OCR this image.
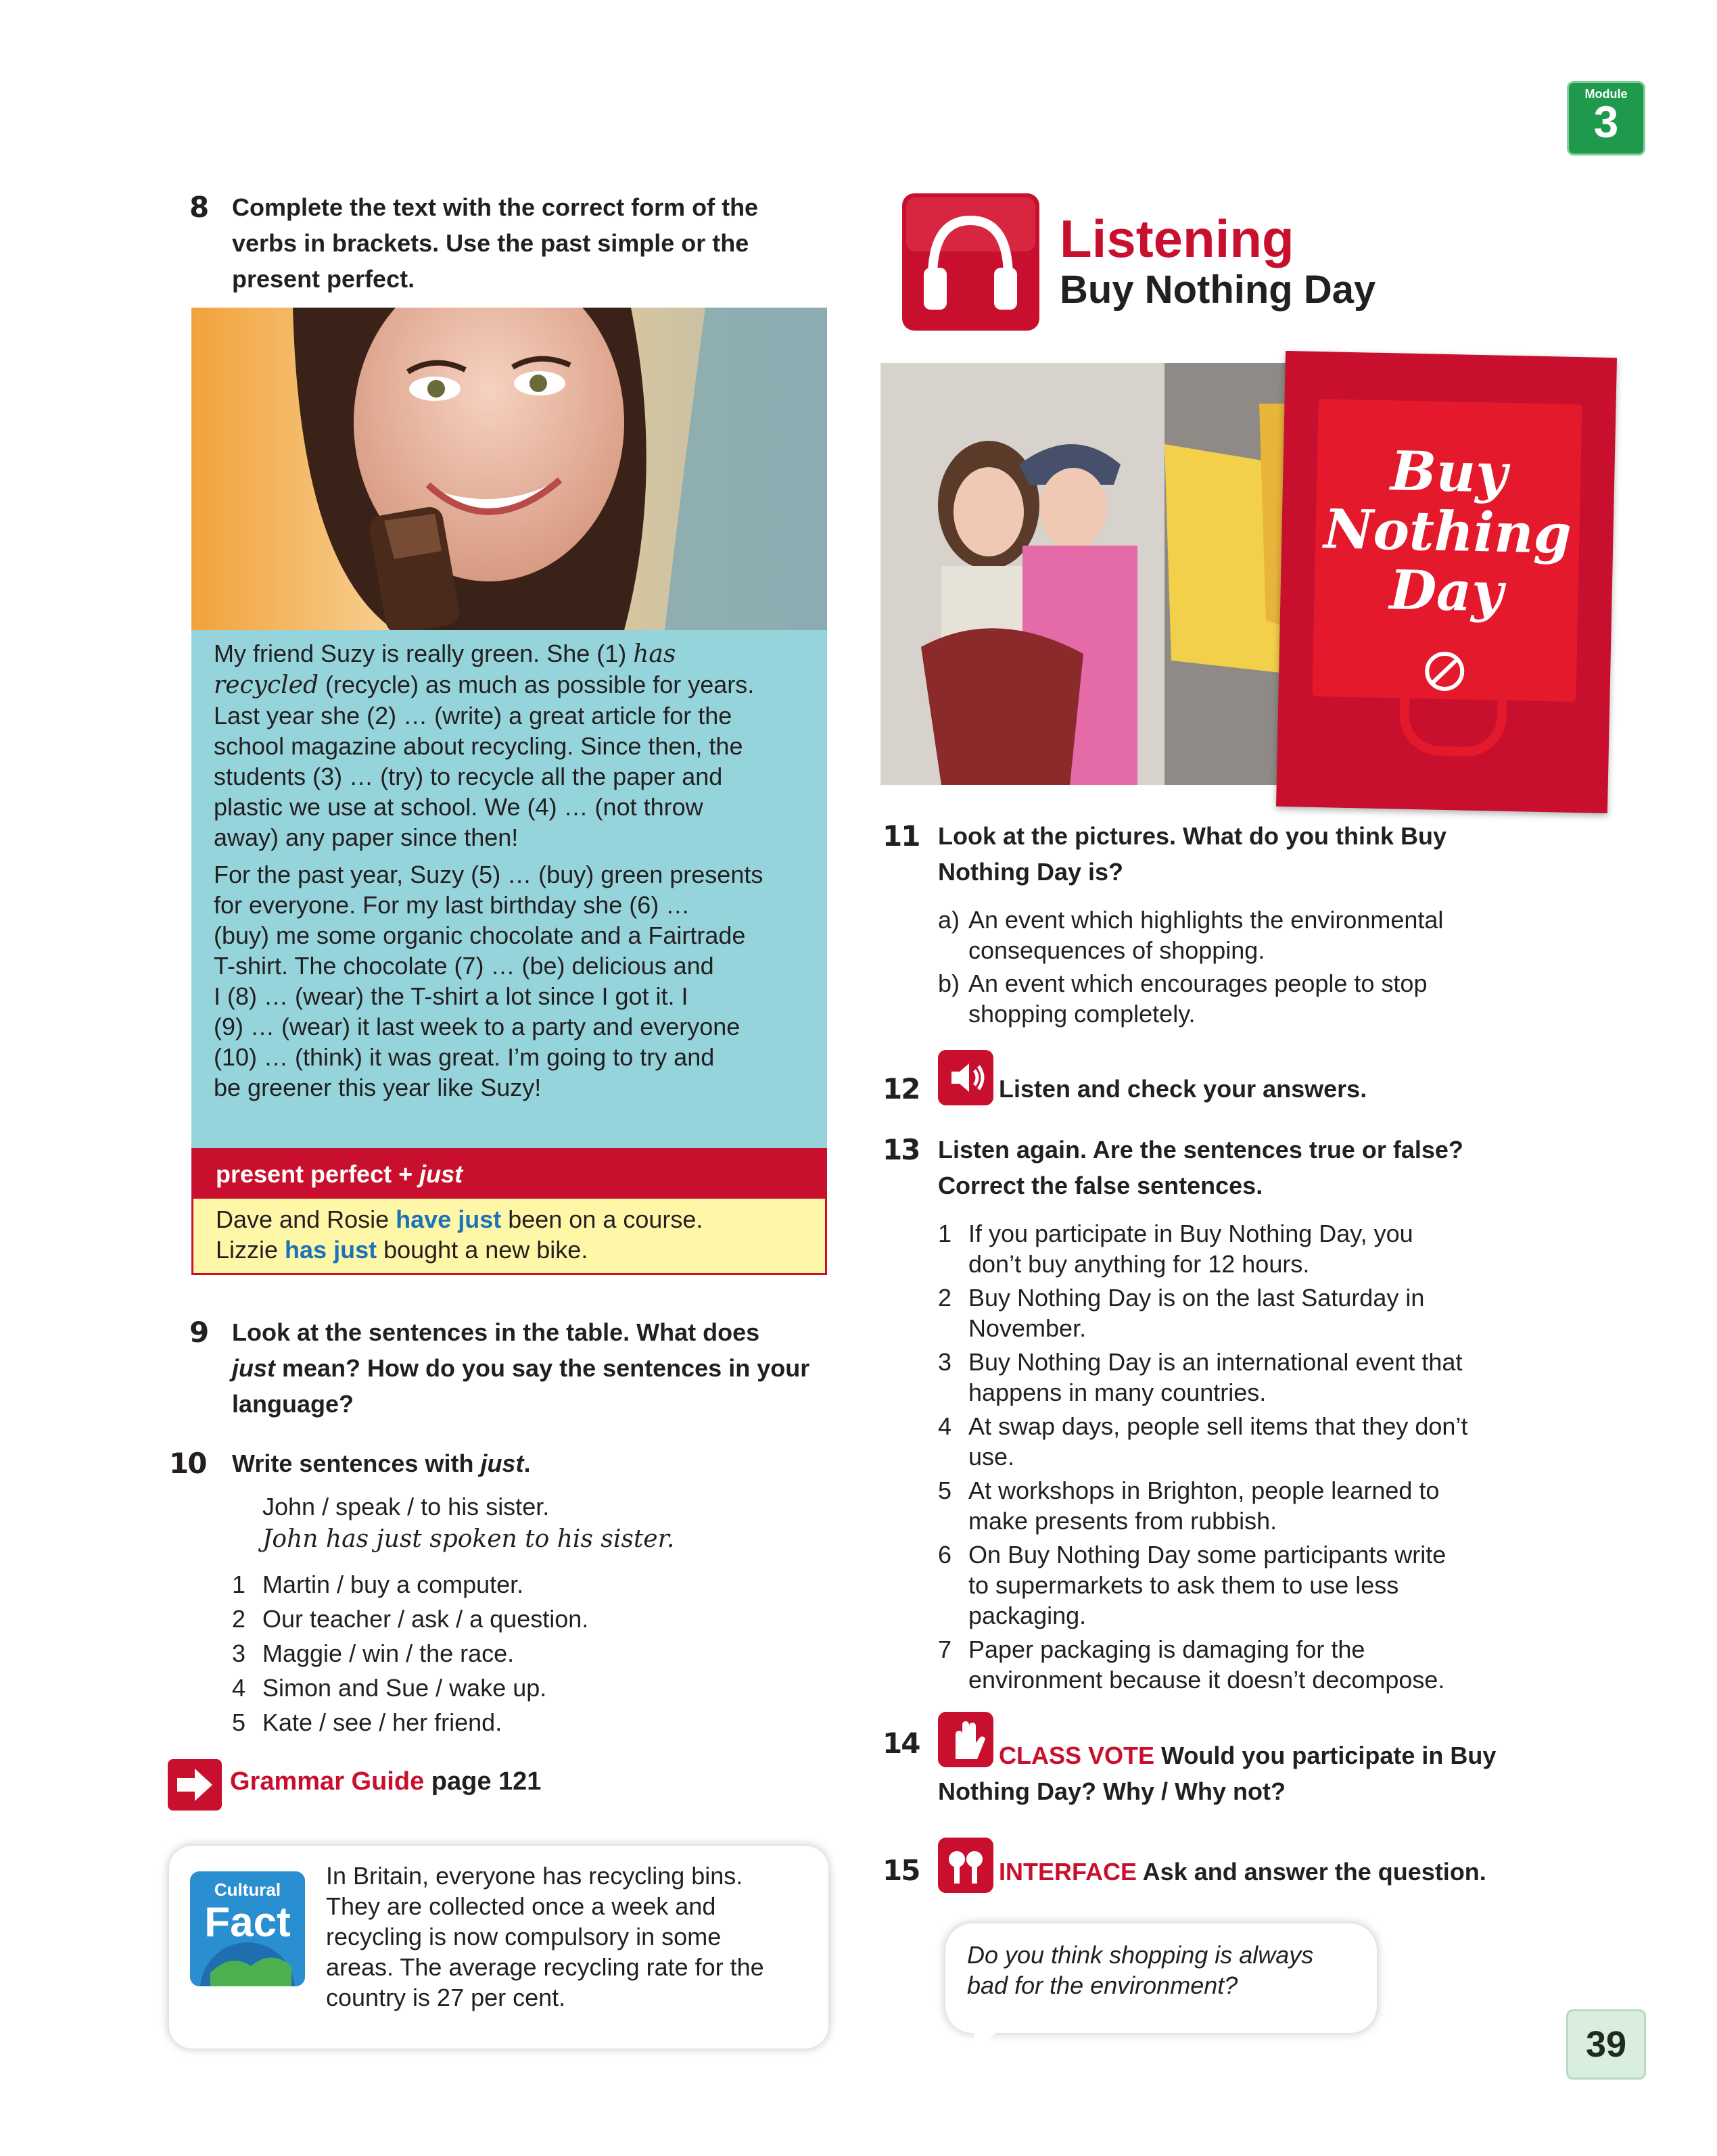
Module
3
8 Complete the text with the correct form of the
verbs in brackets. Use the past simple or the
present perfect.

My friend Suzy is really green. She (1) has
recycled (recycle) as much as possible for years.
Last year she (2) … (write) a great article for the
school magazine about recycling. Since then, the
students (3) … (try) to recycle all the paper and
plastic we use at school. We (4) … (not throw
away) any paper since then!

For the past year, Suzy (5) … (buy) green presents
for everyone. For my last birthday she (6) …
(buy) me some organic chocolate and a Fairtrade
T-shirt. The chocolate (7) … (be) delicious and
I (8) … (wear) the T-shirt a lot since I got it. I
(9) … (wear) it last week to a party and everyone
(10) … (think) it was great. I’m going to try and
be greener this year like Suzy!

present perfect + just
Dave and Rosie have just been on a course.
Lizzie has just bought a new bike.
9 Look at the sentences in the table. What does
just mean? How do you say the sentences in your
language?
10 Write sentences with just.
John / speak / to his sister.
John has just spoken to his sister.
1 Martin / buy a computer.
2 Our teacher / ask / a question.
3 Maggie / win / the race.
4 Simon and Sue / wake up.
5 Kate / see / her friend.
Grammar Guide page 121
Cultural
Fact
In Britain, everyone has recycling bins.
They are collected once a week and
recycling is now compulsory in some
areas. The average recycling rate for the
country is 27 per cent.
Listening
Buy Nothing Day
Buy
Nothing
Day
11 Look at the pictures. What do you think Buy
Nothing Day is?
a) An event which highlights the environmental
consequences of shopping.
b) An event which encourages people to stop
shopping completely.
12	Listen and check your answers.
13 Listen again. Are the sentences true or false?
Correct the false sentences.
1 If you participate in Buy Nothing Day, you
don’t buy anything for 12 hours.
2 Buy Nothing Day is on the last Saturday in
November.
3 Buy Nothing Day is an international event that
happens in many countries.
4 At swap days, people sell items that they don’t
use.
5 At workshops in Brighton, people learned to
make presents from rubbish.
6 On Buy Nothing Day some participants write
to supermarkets to ask them to use less
packaging.
7 Paper packaging is damaging for the
environment because it doesn’t decompose.
14	CLASS VOTE Would you participate in Buy
Nothing Day? Why / Why not?
15	INTERFACE Ask and answer the question.
Do you think shopping is always
bad for the environment?
39
